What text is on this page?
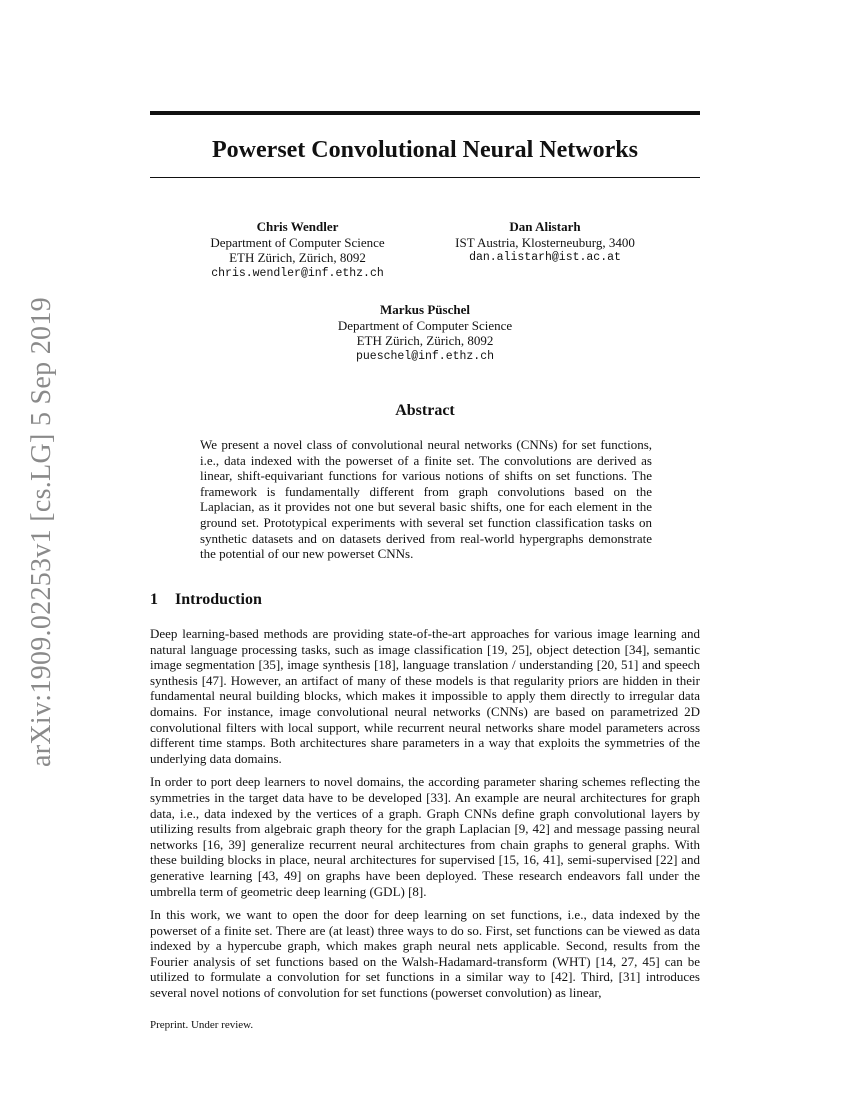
arXiv:1909.02253v1 [cs.LG] 5 Sep 2019
Powerset Convolutional Neural Networks
Chris Wendler
Department of Computer Science
ETH Zürich, Zürich, 8092
chris.wendler@inf.ethz.ch
Dan Alistarh
IST Austria, Klosterneuburg, 3400
dan.alistarh@ist.ac.at
Markus Püschel
Department of Computer Science
ETH Zürich, Zürich, 8092
pueschel@inf.ethz.ch
Abstract
We present a novel class of convolutional neural networks (CNNs) for set functions, i.e., data indexed with the powerset of a finite set. The convolutions are derived as linear, shift-equivariant functions for various notions of shifts on set functions. The framework is fundamentally different from graph convolutions based on the Laplacian, as it provides not one but several basic shifts, one for each element in the ground set. Prototypical experiments with several set function classification tasks on synthetic datasets and on datasets derived from real-world hypergraphs demonstrate the potential of our new powerset CNNs.
1 Introduction

Deep learning-based methods are providing state-of-the-art approaches for various image learning and natural language processing tasks, such as image classification [19, 25], object detection [34], semantic image segmentation [35], image synthesis [18], language translation / understanding [20, 51] and speech synthesis [47]. However, an artifact of many of these models is that regularity priors are hidden in their fundamental neural building blocks, which makes it impossible to apply them directly to irregular data domains. For instance, image convolutional neural networks (CNNs) are based on parametrized 2D convolutional filters with local support, while recurrent neural networks share model parameters across different time stamps. Both architectures share parameters in a way that exploits the symmetries of the underlying data domains.

In order to port deep learners to novel domains, the according parameter sharing schemes reflecting the symmetries in the target data have to be developed [33]. An example are neural architectures for graph data, i.e., data indexed by the vertices of a graph. Graph CNNs define graph convolutional layers by utilizing results from algebraic graph theory for the graph Laplacian [9, 42] and message passing neural networks [16, 39] generalize recurrent neural architectures from chain graphs to general graphs. With these building blocks in place, neural architectures for supervised [15, 16, 41], semi-supervised [22] and generative learning [43, 49] on graphs have been deployed. These research endeavors fall under the umbrella term of geometric deep learning (GDL) [8].

In this work, we want to open the door for deep learning on set functions, i.e., data indexed by the powerset of a finite set. There are (at least) three ways to do so. First, set functions can be viewed as data indexed by a hypercube graph, which makes graph neural nets applicable. Second, results from the Fourier analysis of set functions based on the Walsh-Hadamard-transform (WHT) [14, 27, 45] can be utilized to formulate a convolution for set functions in a similar way to [42]. Third, [31] introduces several novel notions of convolution for set functions (powerset convolution) as linear,

Preprint. Under review.
